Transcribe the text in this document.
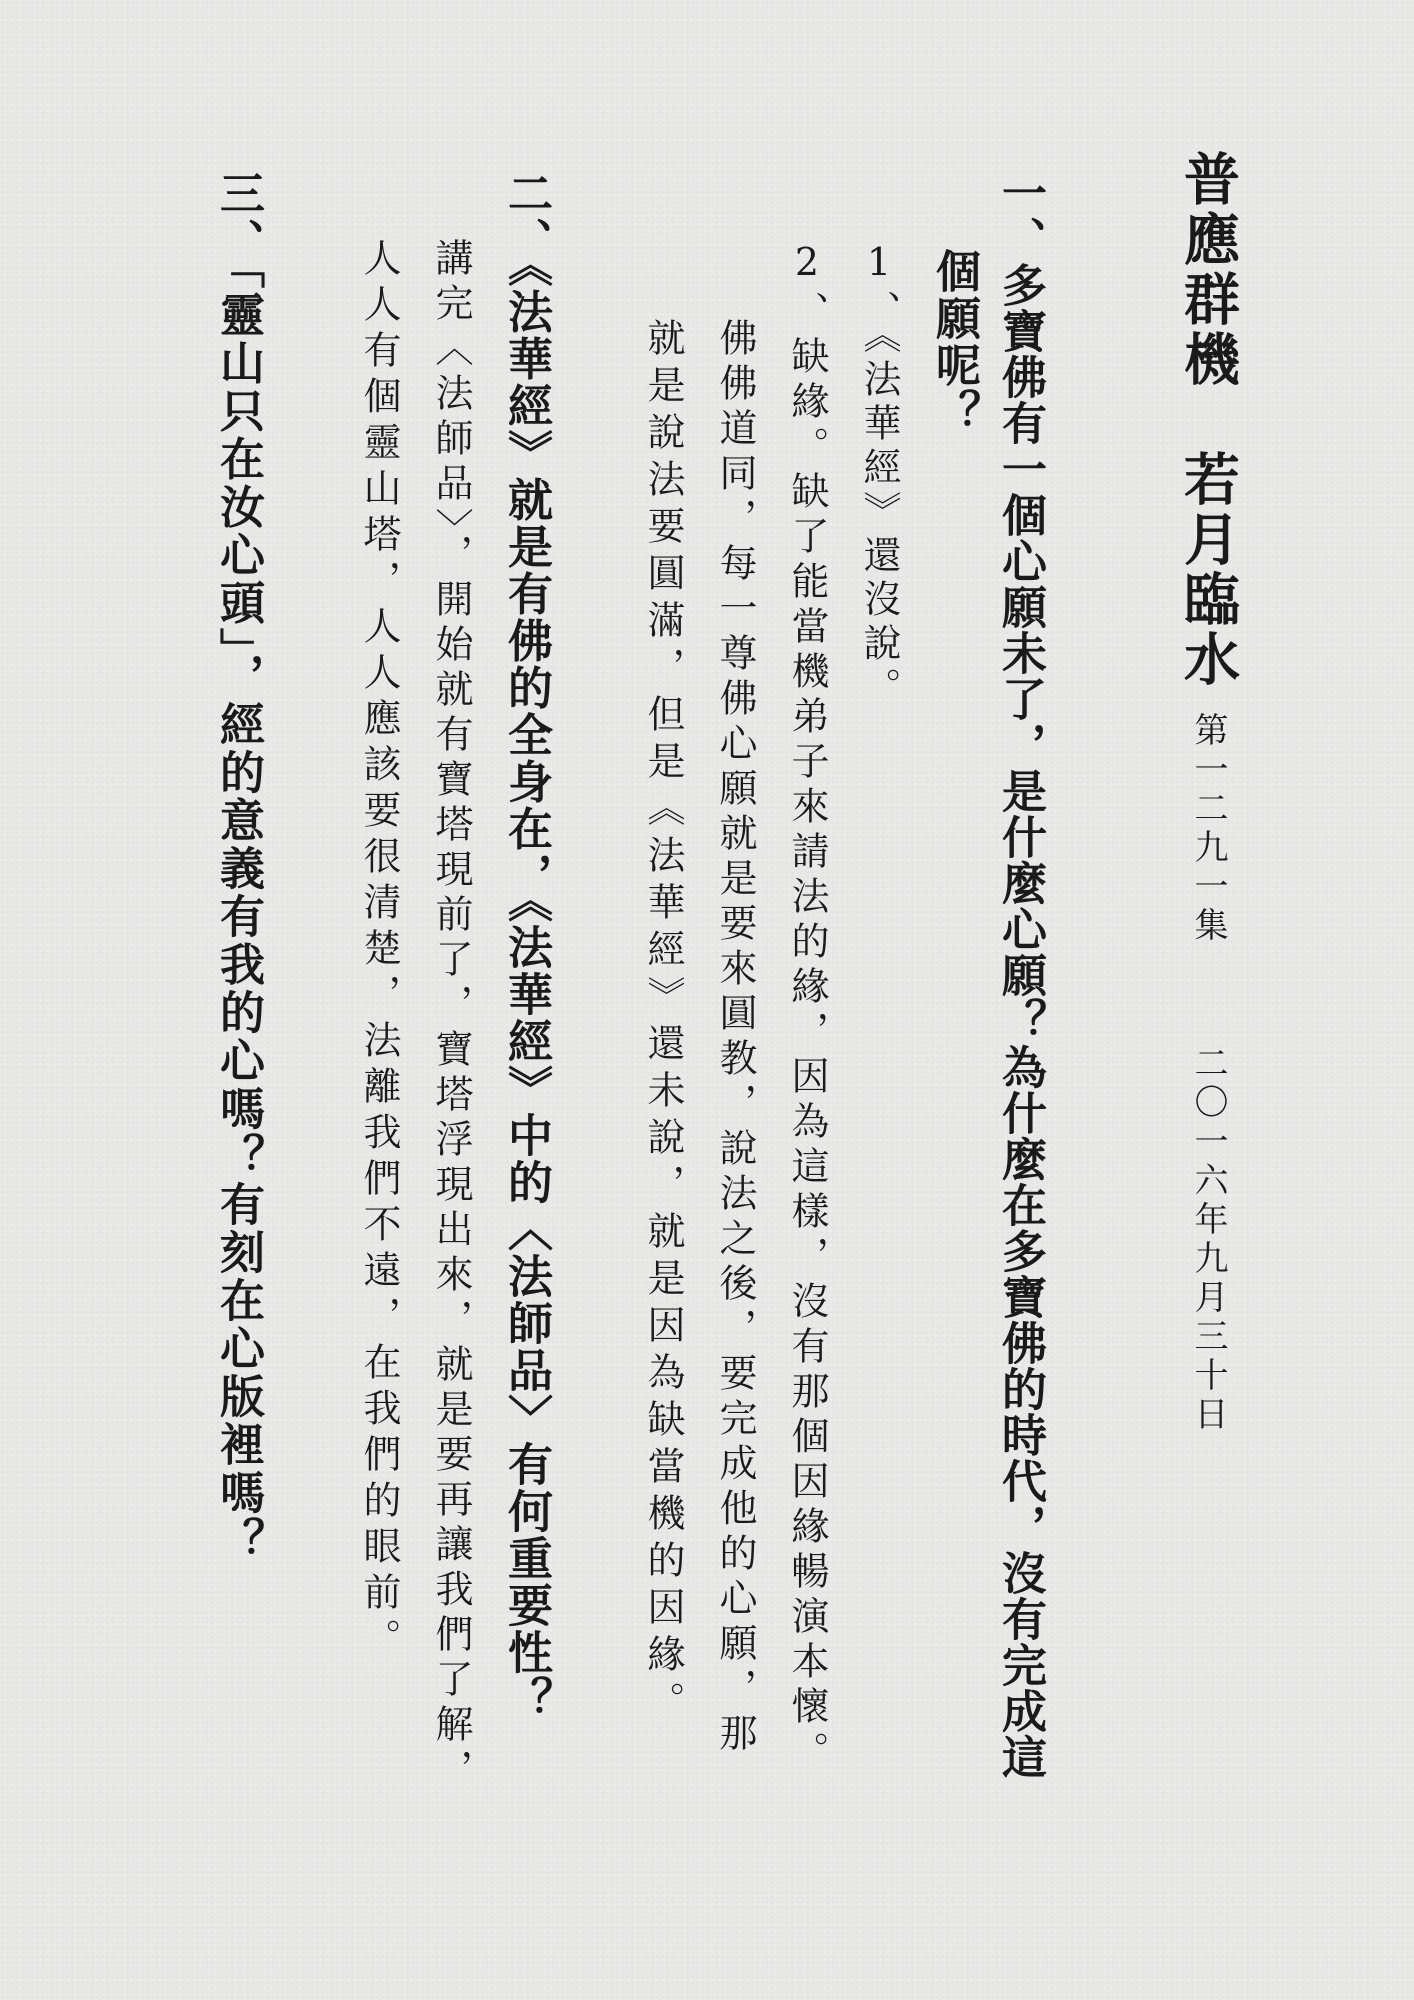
普應群機　若月臨水
第一二九一集
二〇一六年九月三十日
一、多寶佛有一個心願未了，是什麼心願？為什麼在多寶佛的時代，沒有完成這
個願呢？
1、《法華經》還沒說。
2、缺緣。缺了能當機弟子來請法的緣，因為這樣，沒有那個因緣暢演本懷。
佛佛道同，每一尊佛心願就是要來圓教，說法之後，要完成他的心願，那
就是說法要圓滿，但是《法華經》還未說，就是因為缺當機的因緣。
二、《法華經》就是有佛的全身在，《法華經》中的〈法師品〉有何重要性？
講完〈法師品〉，開始就有寶塔現前了，寶塔浮現出來，就是要再讓我們了解，
人人有個靈山塔，人人應該要很清楚，法離我們不遠，在我們的眼前。
三、「靈山只在汝心頭」，經的意義有我的心嗎？有刻在心版裡嗎？
